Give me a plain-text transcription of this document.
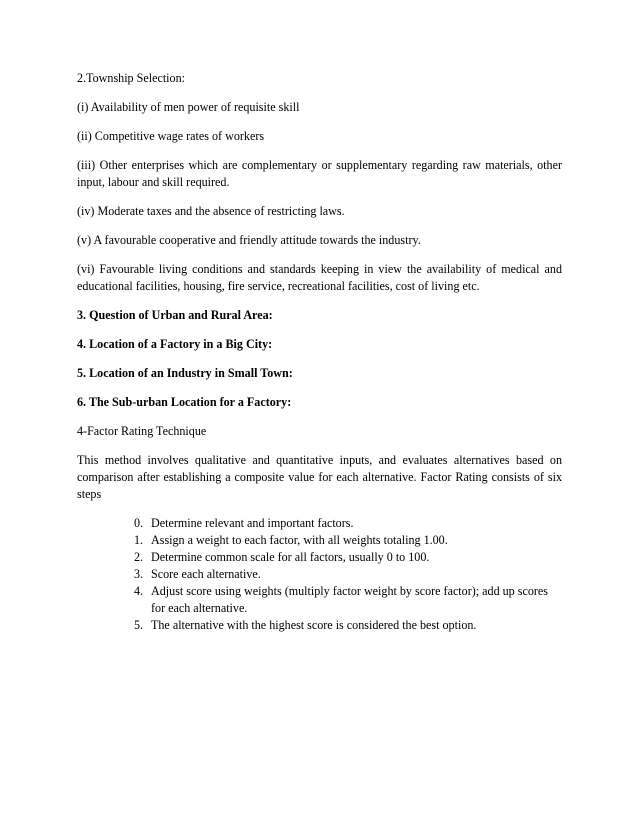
2.Township Selection:

(i) Availability of men power of requisite skill

(ii) Competitive wage rates of workers

(iii) Other enterprises which are complementary or supplementary regarding raw materials, other input, labour and skill required.

(iv) Moderate taxes and the absence of restricting laws.

(v) A favourable cooperative and friendly attitude towards the industry.

(vi) Favourable living conditions and standards keeping in view the availability of medical and educational facilities, housing, fire service, recreational facilities, cost of living etc.

3. Question of Urban and Rural Area:

4. Location of a Factory in a Big City:

5. Location of an Industry in Small Town:

6. The Sub-urban Location for a Factory:

4-Factor Rating Technique

This method involves qualitative and quantitative inputs, and evaluates alternatives based on comparison after establishing a composite value for each alternative. Factor Rating consists of six steps

0. Determine relevant and important factors.
1. Assign a weight to each factor, with all weights totaling 1.00.
2. Determine common scale for all factors, usually 0 to 100.
3. Score each alternative.
4. Adjust score using weights (multiply factor weight by score factor); add up scores for each alternative.
5. The alternative with the highest score is considered the best option.
